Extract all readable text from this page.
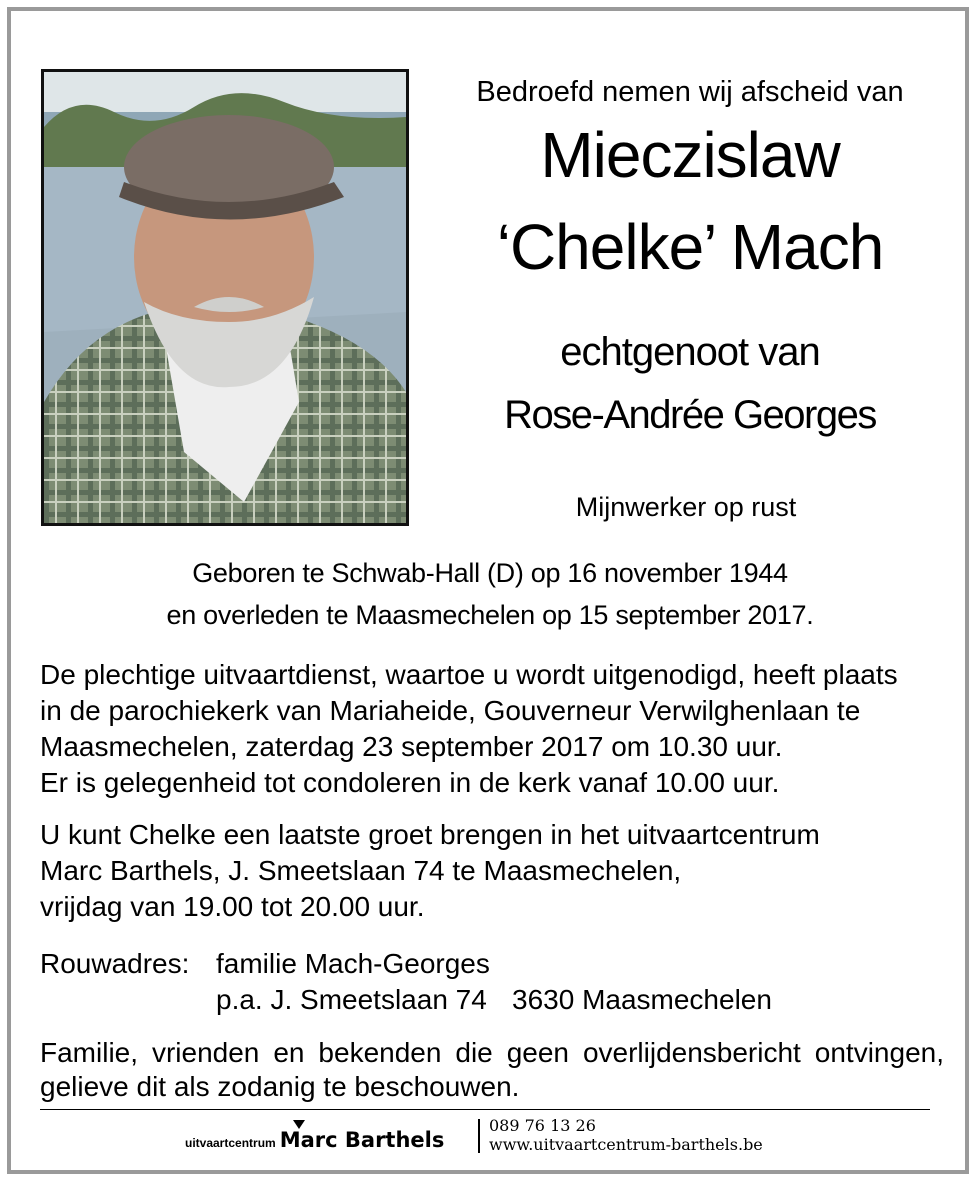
Bedroefd nemen wij afscheid van
Mieczislaw
‘Chelke’ Mach
echtgenoot van
Rose-Andrée Georges
Mijnwerker op rust
Geboren te Schwab-Hall (D) op 16 november 1944
en overleden te Maasmechelen op 15 september 2017.
De plechtige uitvaartdienst, waartoe u wordt uitgenodigd, heeft plaats
in de parochiekerk van Mariaheide, Gouverneur Verwilghenlaan te
Maasmechelen, zaterdag 23 september 2017 om 10.30 uur.
Er is gelegenheid tot condoleren in de kerk vanaf 10.00 uur.
U kunt Chelke een laatste groet brengen in het uitvaartcentrum
Marc Barthels, J. Smeetslaan 74 te Maasmechelen,
vrijdag van 19.00 tot 20.00 uur.
Rouwadres: familie Mach-Georges
p.a. J. Smeetslaan 74 3630 Maasmechelen
Familie, vrienden en bekenden die geen overlijdensbericht ontvingen,
gelieve dit als zodanig te beschouwen.
uitvaartcentrum Marc Barthels
089 76 13 26
www.uitvaartcentrum-barthels.be
